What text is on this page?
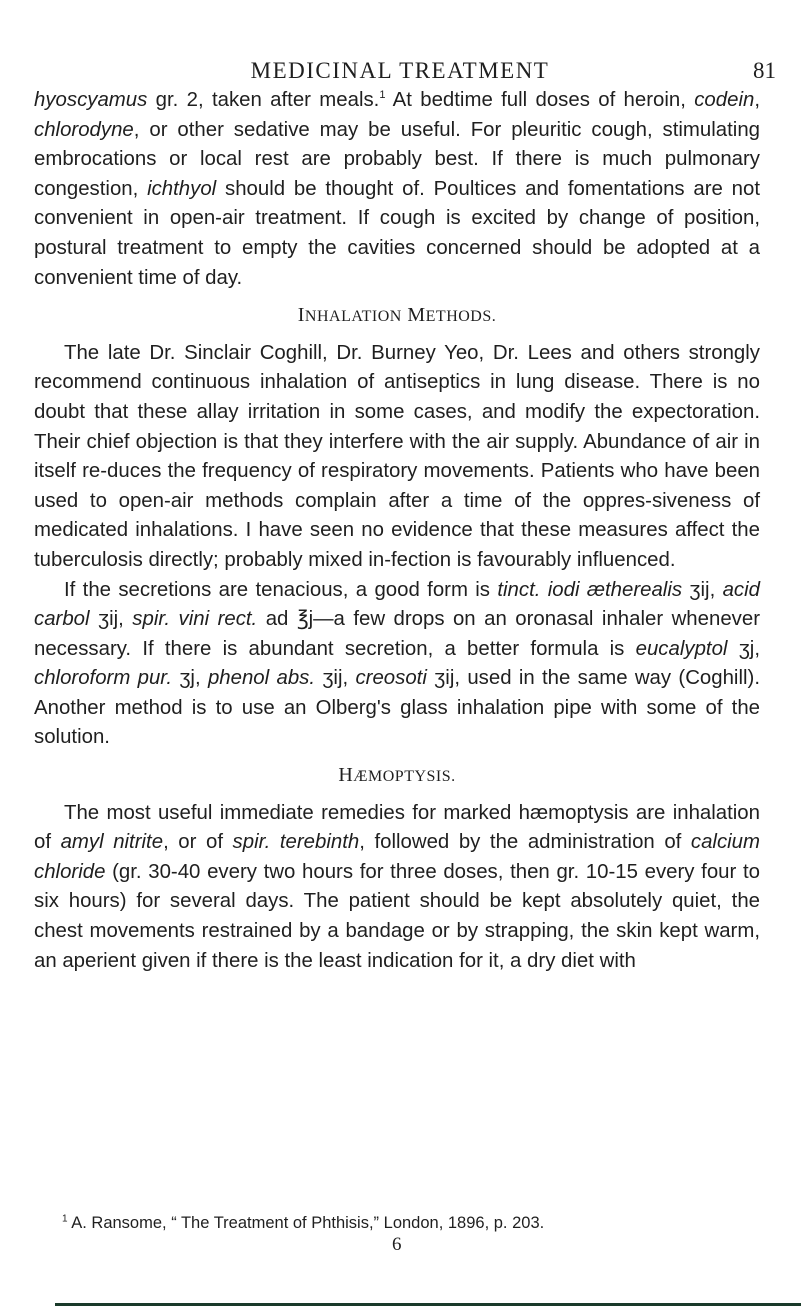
MEDICINAL TREATMENT	81

hyoscyamus gr. 2, taken after meals.$^1$ At bedtime full doses of heroin, codein, chlorodyne, or other sedative may be useful. For pleuritic cough, stimulating embrocations or local rest are probably best. If there is much pulmonary congestion, ichthyol should be thought of. Poultices and fomentations are not convenient in open-air treatment. If cough is excited by change of position, postural treatment to empty the cavities concerned should be adopted at a convenient time of day.

INHALATION METHODS.

The late Dr. Sinclair Coghill, Dr. Burney Yeo, Dr. Lees and others strongly recommend continuous inhalation of antiseptics in lung disease. There is no doubt that these allay irritation in some cases, and modify the expectoration. Their chief objection is that they interfere with the air supply. Abundance of air in itself re-duces the frequency of respiratory movements. Patients who have been used to open-air methods complain after a time of the oppres-siveness of medicated inhalations. I have seen no evidence that these measures affect the tuberculosis directly; probably mixed in-fection is favourably influenced.

If the secretions are tenacious, a good form is tinct. iodi ætherealis ʒij, acid carbol ʒij, spir. vini rect. ad ℥j—a few drops on an oronasal inhaler whenever necessary. If there is abundant secretion, a better formula is eucalyptol ʒj, chloroform pur. ʒj, phenol abs. ʒij, creosoti ʒij, used in the same way (Coghill). Another method is to use an Olberg's glass inhalation pipe with some of the solution.

HÆMOPTYSIS.

The most useful immediate remedies for marked hæmoptysis are inhalation of amyl nitrite, or of spir. terebinth, followed by the administration of calcium chloride (gr. 30-40 every two hours for three doses, then gr. 10-15 every four to six hours) for several days. The patient should be kept absolutely quiet, the chest movements restrained by a bandage or by strapping, the skin kept warm, an aperient given if there is the least indication for it, a dry diet with

$^1$ A. Ransome, “ The Treatment of Phthisis,” London, 1896, p. 203.
6
